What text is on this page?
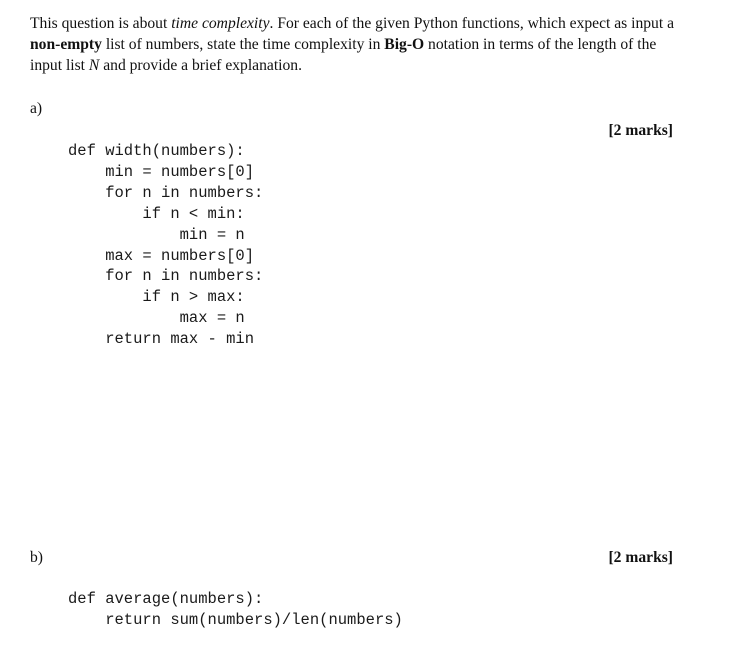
This question is about time complexity. For each of the given Python functions, which expect as input a non-empty list of numbers, state the time complexity in Big-O notation in terms of the length of the input list N and provide a brief explanation.

a)
[2 marks]
def width(numbers):
min = numbers[0]
for n in numbers:
if n < min:
min = n
max = numbers[0]
for n in numbers:
if n > max:
max = n
return max - min
b)	[2 marks]
def average(numbers):
return sum(numbers)/len(numbers)
